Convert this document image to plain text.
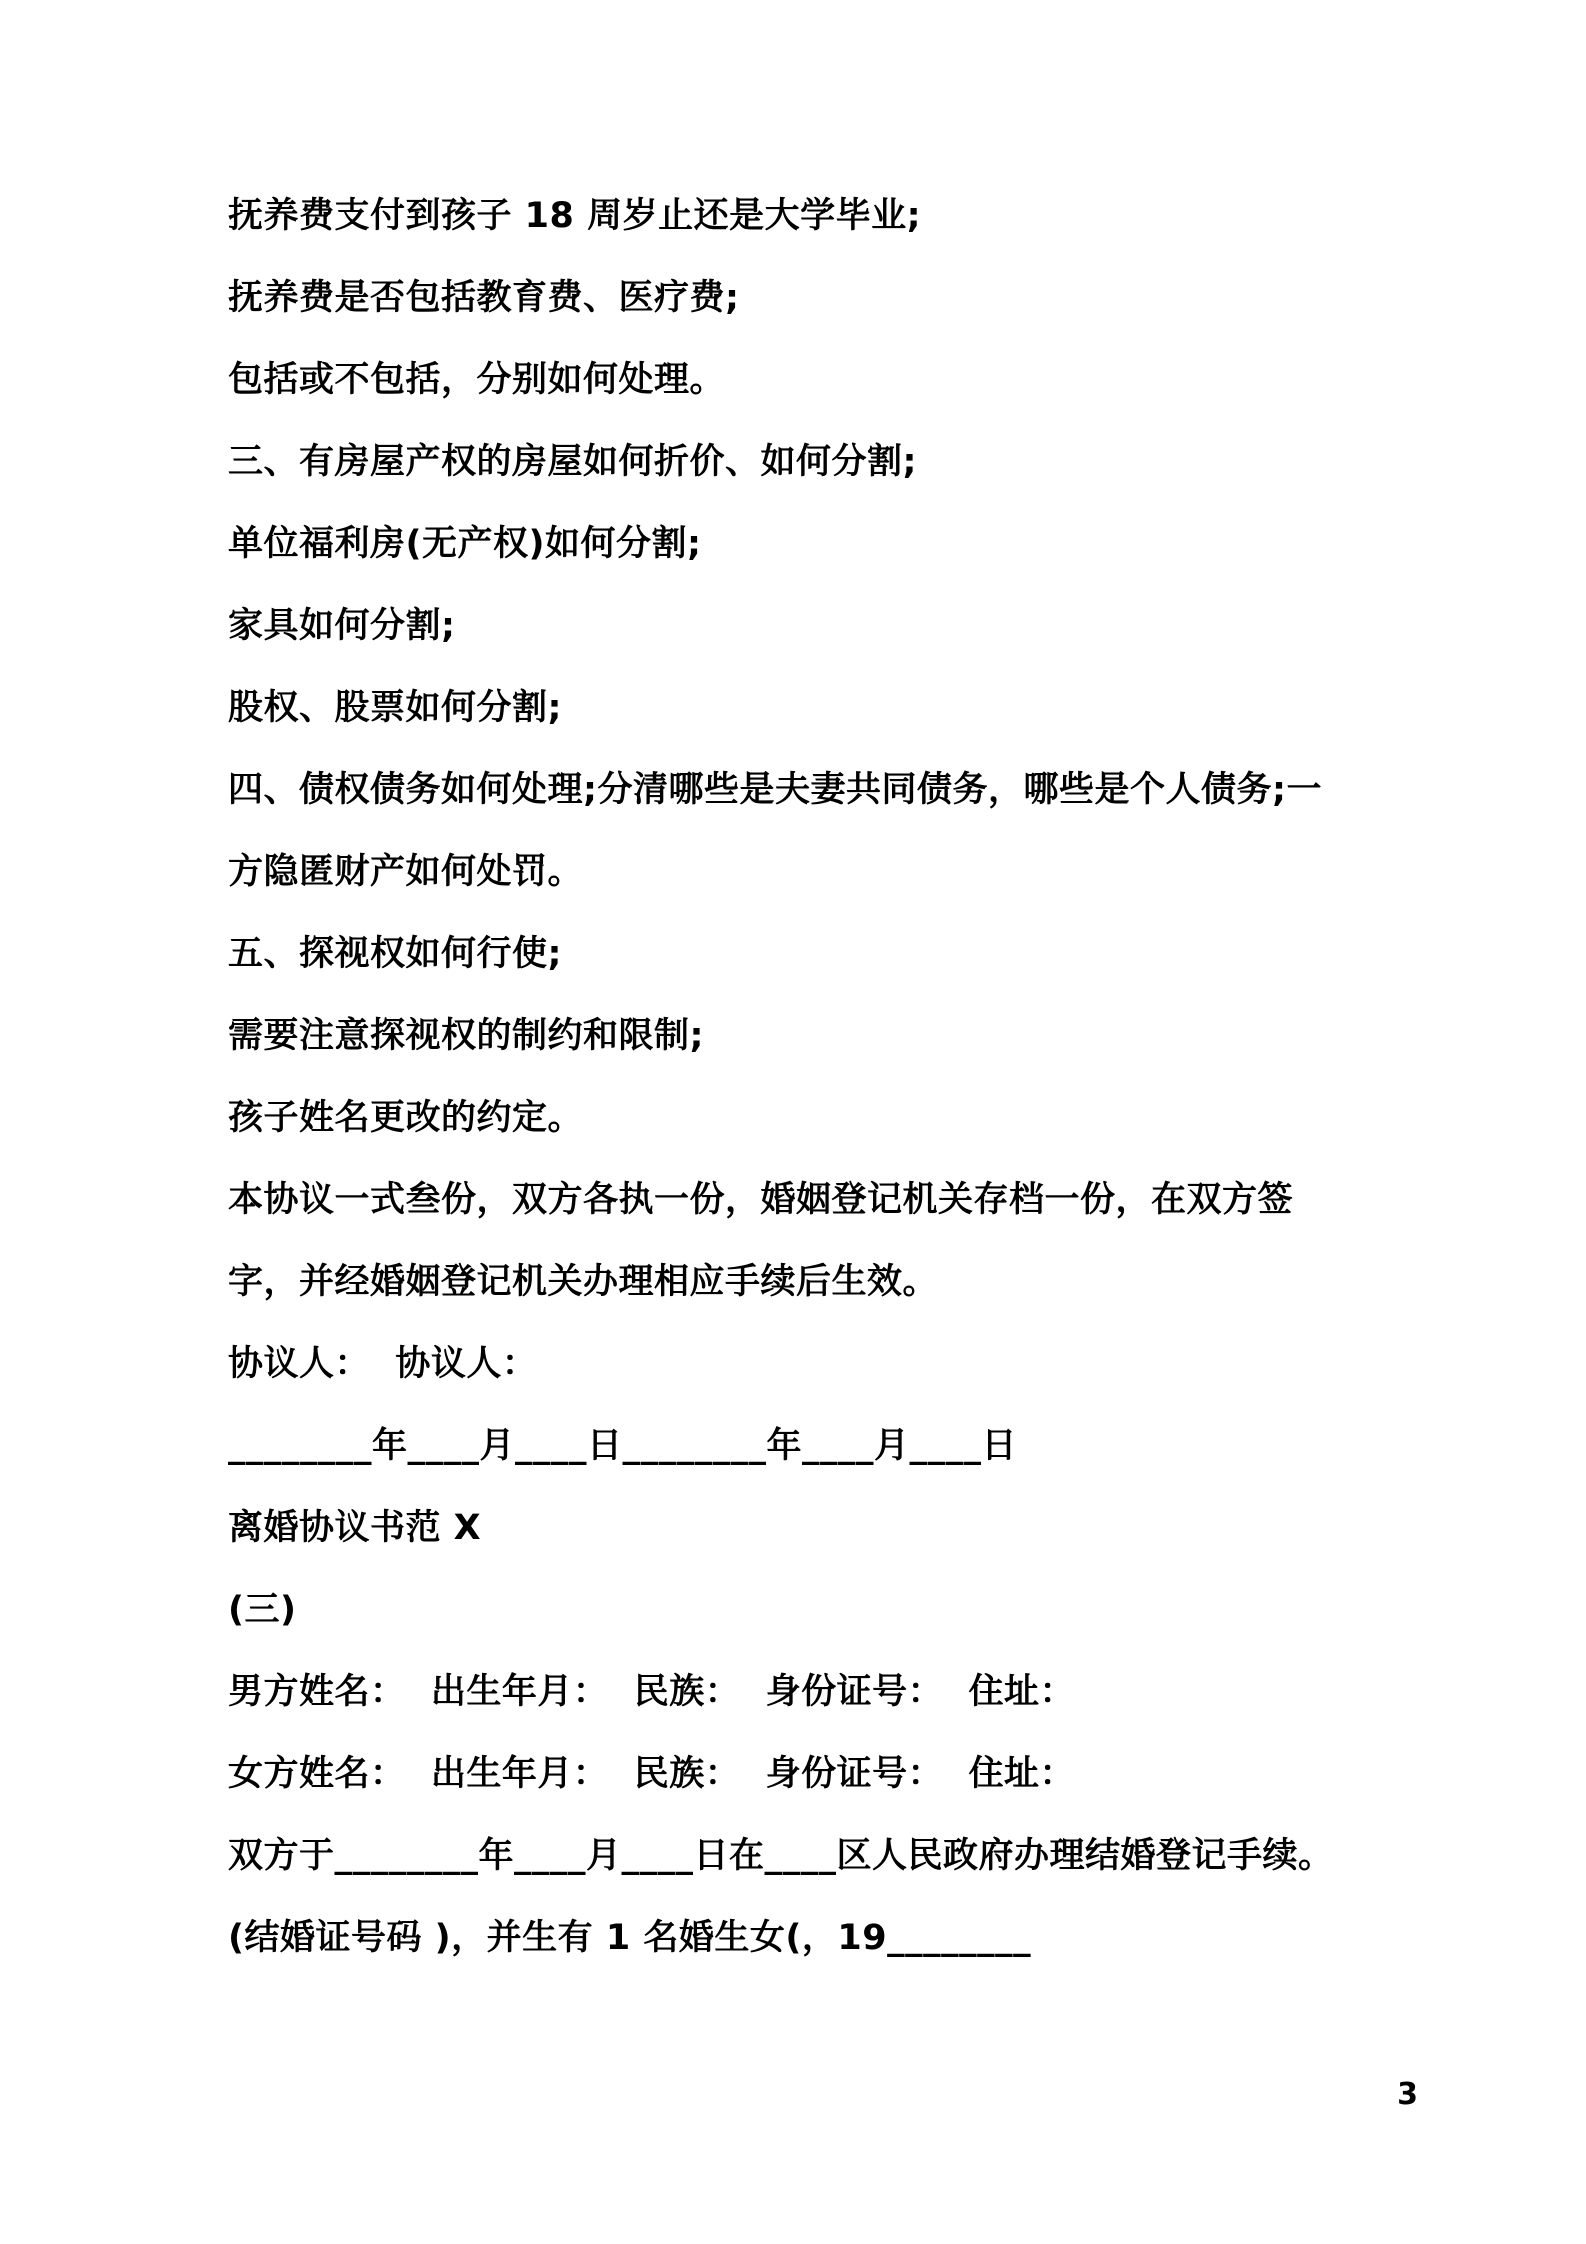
抚养费支付到孩子 18 周岁止还是大学毕业;
抚养费是否包括教育费、医疗费;
包括或不包括，分别如何处理。
三、有房屋产权的房屋如何折价、如何分割;
单位福利房(无产权)如何分割;
家具如何分割;
股权、股票如何分割;
四、债权债务如何处理;分清哪些是夫妻共同债务，哪些是个人债务;一方隐匿财产如何处罚。
五、探视权如何行使;
需要注意探视权的制约和限制;
孩子姓名更改的约定。
本协议一式叁份，双方各执一份，婚姻登记机关存档一份，在双方签字，并经婚姻登记机关办理相应手续后生效。
协议人：  协议人：
________年____月____日________年____月____日
离婚协议书范 X
(三)
男方姓名：  出生年月：  民族：  身份证号：  住址：
女方姓名：  出生年月：  民族：  身份证号：  住址：
双方于________年____月____日在____区人民政府办理结婚登记手续。(结婚证号码 )，并生有 1 名婚生女(，19________
3
